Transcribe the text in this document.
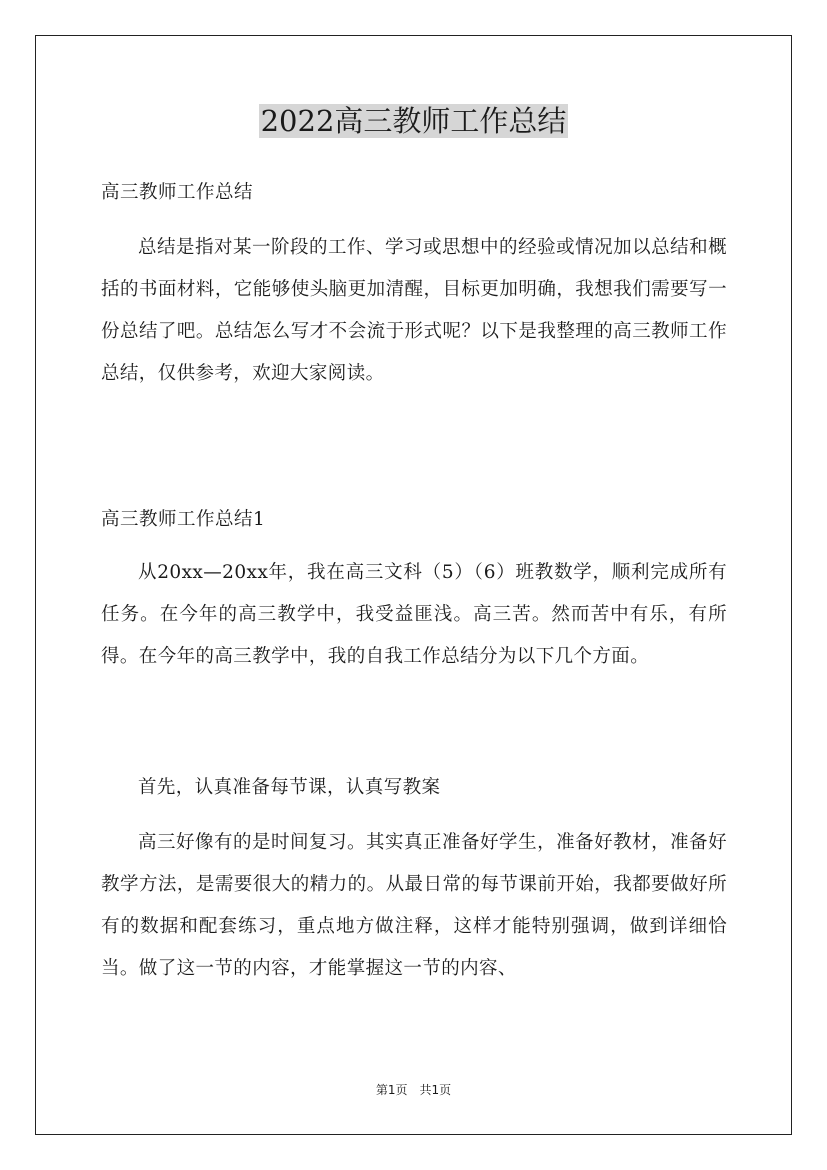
2022高三教师工作总结
高三教师工作总结
总结是指对某一阶段的工作、学习或思想中的经验或情况加以总结和概括的书面材料，它能够使头脑更加清醒，目标更加明确，我想我们需要写一份总结了吧。总结怎么写才不会流于形式呢？以下是我整理的高三教师工作总结，仅供参考，欢迎大家阅读。
高三教师工作总结1
从20xx—20xx年，我在高三文科（5）（6）班教数学，顺利完成所有任务。在今年的高三教学中，我受益匪浅。高三苦。然而苦中有乐，有所得。在今年的高三教学中，我的自我工作总结分为以下几个方面。
首先，认真准备每节课，认真写教案
高三好像有的是时间复习。其实真正准备好学生，准备好教材，准备好教学方法，是需要很大的精力的。从最日常的每节课前开始，我都要做好所有的数据和配套练习，重点地方做注释，这样才能特别强调，做到详细恰当。做了这一节的内容，才能掌握这一节的内容、
第1页 共1页
